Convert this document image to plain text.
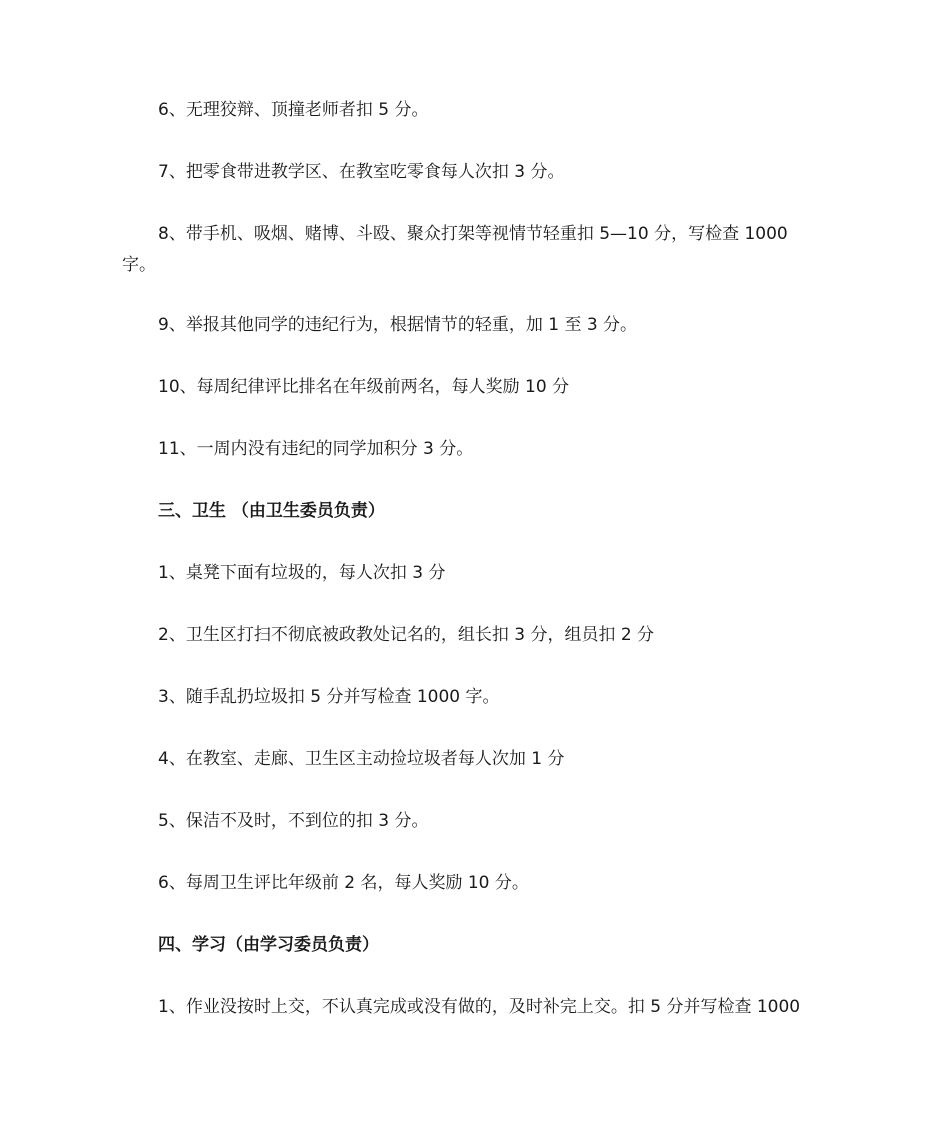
6、无理狡辩、顶撞老师者扣 5 分。
7、把零食带进教学区、在教室吃零食每人次扣 3 分。
8、带手机、吸烟、赌博、斗殴、聚众打架等视情节轻重扣 5—10 分，写检查 1000
字。
9、举报其他同学的违纪行为，根据情节的轻重，加 1 至 3 分。
10、每周纪律评比排名在年级前两名，每人奖励 10 分
11、一周内没有违纪的同学加积分 3 分。
三、卫生 （由卫生委员负责）
1、桌凳下面有垃圾的，每人次扣 3 分
2、卫生区打扫不彻底被政教处记名的，组长扣 3 分，组员扣 2 分
3、随手乱扔垃圾扣 5 分并写检查 1000 字。
4、在教室、走廊、卫生区主动捡垃圾者每人次加 1 分
5、保洁不及时，不到位的扣 3 分。
6、每周卫生评比年级前 2 名，每人奖励 10 分。
四、学习（由学习委员负责）
1、作业没按时上交，不认真完成或没有做的，及时补完上交。扣 5 分并写检查 1000
